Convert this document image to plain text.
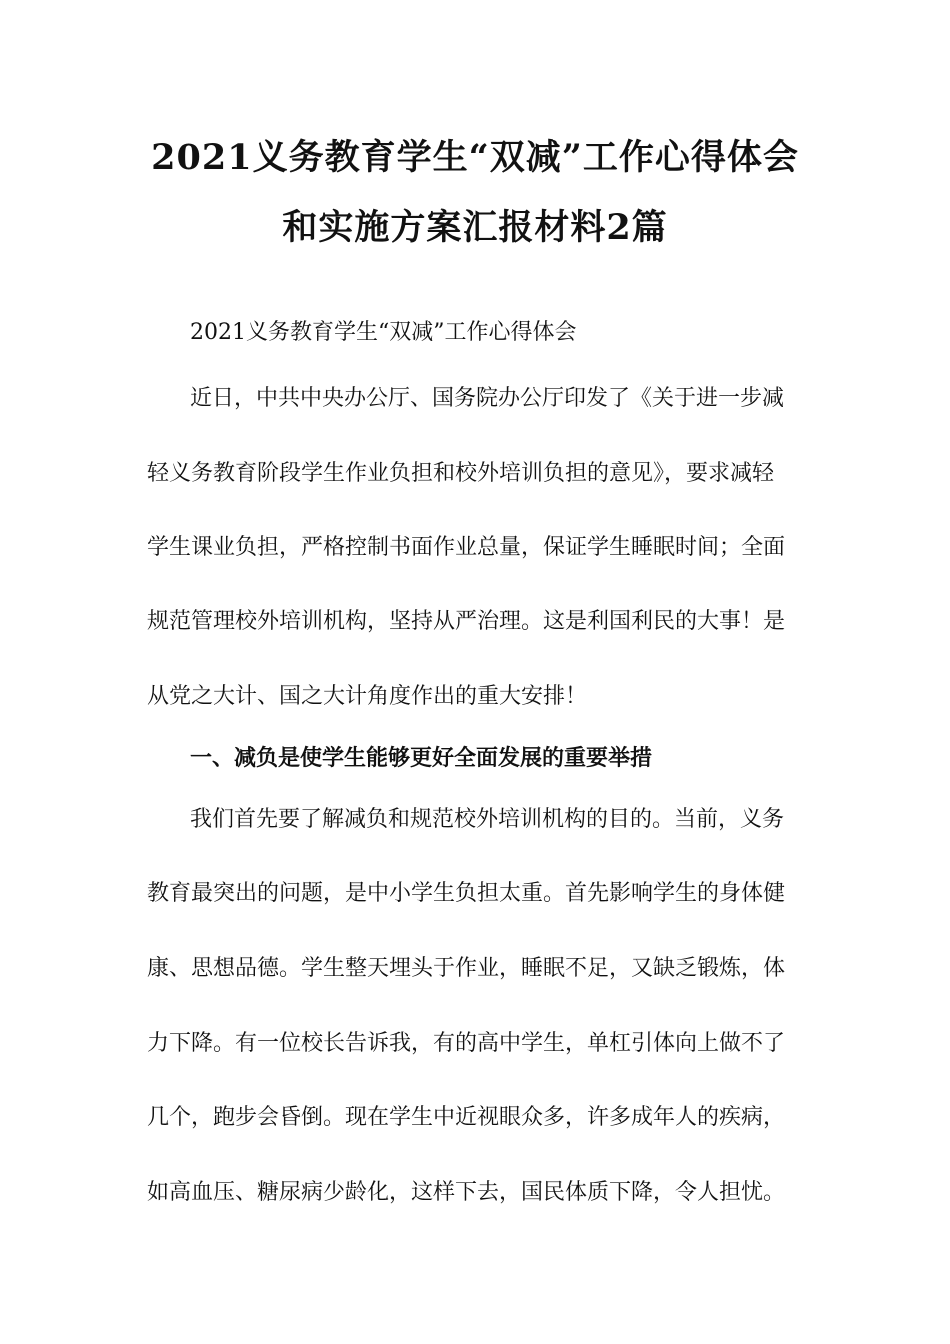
2021义务教育学生“双减”工作心得体会
和实施方案汇报材料2篇
2021义务教育学生“双减”工作心得体会
近日，中共中央办公厅、国务院办公厅印发了《关于进一步减
轻义务教育阶段学生作业负担和校外培训负担的意见》，要求减轻
学生课业负担，严格控制书面作业总量，保证学生睡眠时间；全面
规范管理校外培训机构，坚持从严治理。这是利国利民的大事！是
从党之大计、国之大计角度作出的重大安排！
一、减负是使学生能够更好全面发展的重要举措
我们首先要了解减负和规范校外培训机构的目的。当前，义务
教育最突出的问题，是中小学生负担太重。首先影响学生的身体健
康、思想品德。学生整天埋头于作业，睡眠不足，又缺乏锻炼，体
力下降。有一位校长告诉我，有的高中学生，单杠引体向上做不了
几个，跑步会昏倒。现在学生中近视眼众多，许多成年人的疾病，
如高血压、糖尿病少龄化，这样下去，国民体质下降，令人担忧。
